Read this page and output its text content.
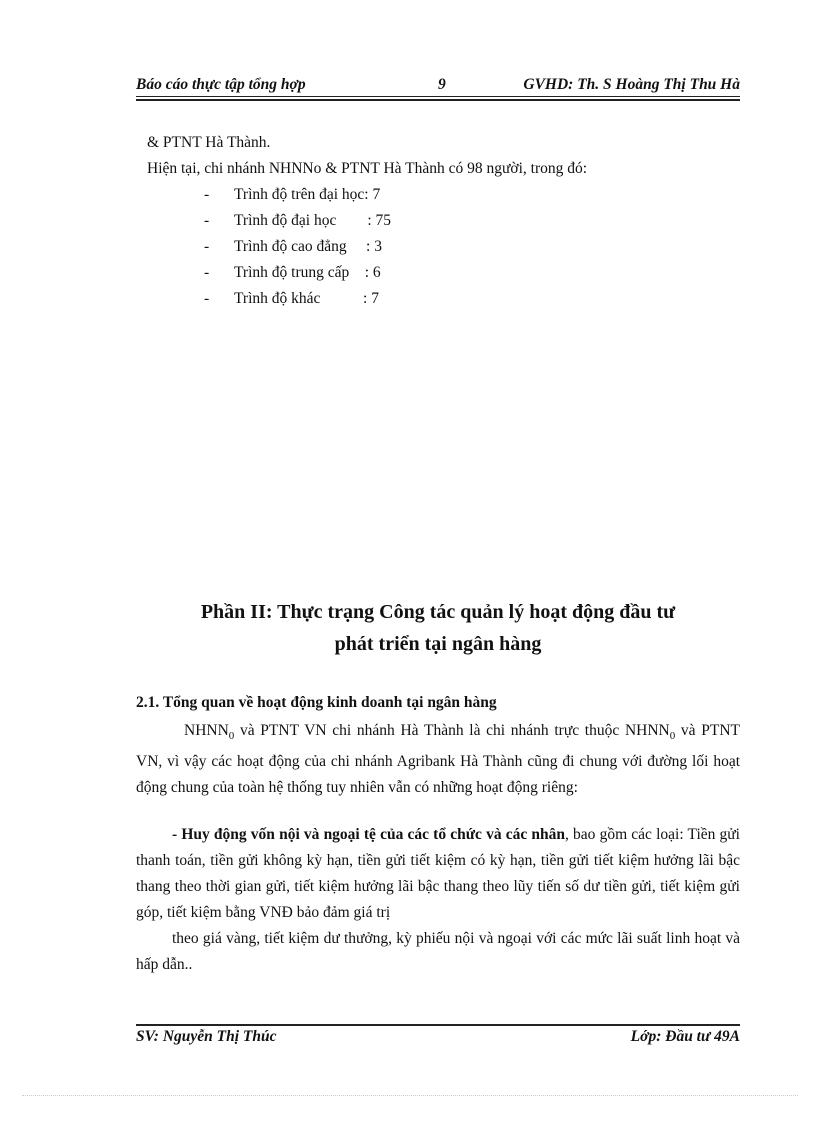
Báo cáo thực tập tổng hợp	9	GVHD: Th. S Hoàng Thị Thu Hà
& PTNT Hà Thành.
Hiện tại, chi nhánh NHNNo & PTNT Hà Thành có 98 người, trong đó:
- Trình độ trên đại học: 7
- Trình độ đại học        : 75
- Trình độ cao đẳng     : 3
- Trình độ trung cấp    : 6
- Trình độ khác           : 7
Phần II: Thực trạng Công tác quản lý hoạt động đầu tư
phát triển tại ngân hàng
2.1. Tổng quan về hoạt động kinh doanh tại ngân hàng
$NHNN_0$ và PTNT VN chi nhánh Hà Thành là chi nhánh trực thuộc $NHNN_0$ và PTNT VN, vì vậy các hoạt động của chi nhánh Agribank Hà Thành cũng đi chung với đường lối hoạt động chung của toàn hệ thống tuy nhiên vẫn có những hoạt động riêng:
- Huy động vốn nội và ngoại tệ của các tổ chức và các nhân, bao gồm các loại: Tiền gửi thanh toán, tiền gửi không kỳ hạn, tiền gửi tiết kiệm có kỳ hạn, tiền gửi tiết kiệm hưởng lãi bậc thang theo thời gian gửi, tiết kiệm hưởng lãi bậc thang theo lũy tiến số dư tiền gửi, tiết kiệm gửi góp, tiết kiệm bằng VNĐ bảo đảm giá trị
theo giá vàng, tiết kiệm dư thưởng, kỳ phiếu nội và ngoại với các mức lãi suất linh hoạt và hấp dẫn..
SV: Nguyễn Thị Thúc	Lớp: Đầu tư 49A
